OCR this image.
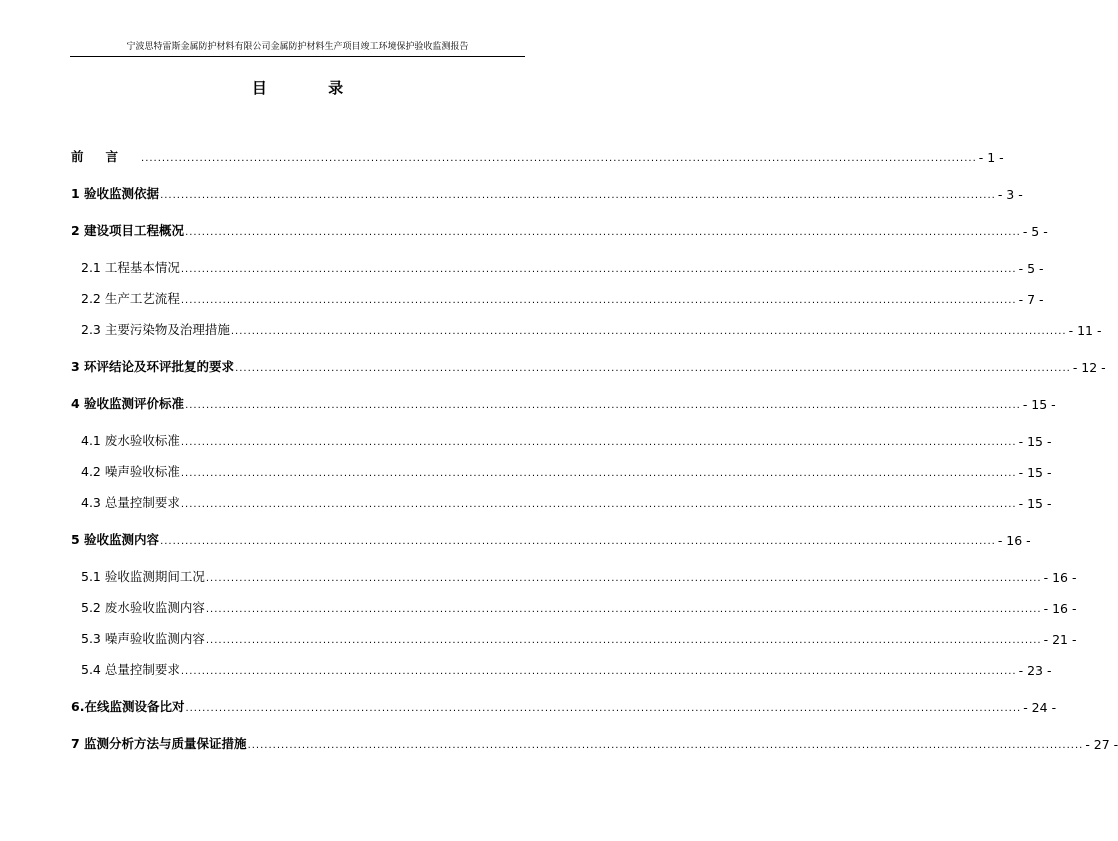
宁波思特雷斯金属防护材料有限公司金属防护材料生产项目竣工环境保护验收监测报告
目 录
前言 ........................................................................................................................................................................................................ - 1 -
1 验收监测依据 ........................................................................................................................................................................................................ - 3 -
2 建设项目工程概况 ........................................................................................................................................................................................................ - 5 -
2.1 工程基本情况 ........................................................................................................................................................................................................ - 5 -
2.2 生产工艺流程 ........................................................................................................................................................................................................ - 7 -
2.3 主要污染物及治理措施 ........................................................................................................................................................................................................ - 11 -
3 环评结论及环评批复的要求 ........................................................................................................................................................................................................ - 12 -
4 验收监测评价标准 ........................................................................................................................................................................................................ - 15 -
4.1 废水验收标准 ........................................................................................................................................................................................................ - 15 -
4.2 噪声验收标准 ........................................................................................................................................................................................................ - 15 -
4.3 总量控制要求 ........................................................................................................................................................................................................ - 15 -
5 验收监测内容 ........................................................................................................................................................................................................ - 16 -
5.1 验收监测期间工况 ........................................................................................................................................................................................................ - 16 -
5.2 废水验收监测内容 ........................................................................................................................................................................................................ - 16 -
5.3 噪声验收监测内容 ........................................................................................................................................................................................................ - 21 -
5.4 总量控制要求 ........................................................................................................................................................................................................ - 23 -
6.在线监测设备比对 ........................................................................................................................................................................................................ - 24 -
7 监测分析方法与质量保证措施 ........................................................................................................................................................................................................ - 27 -
